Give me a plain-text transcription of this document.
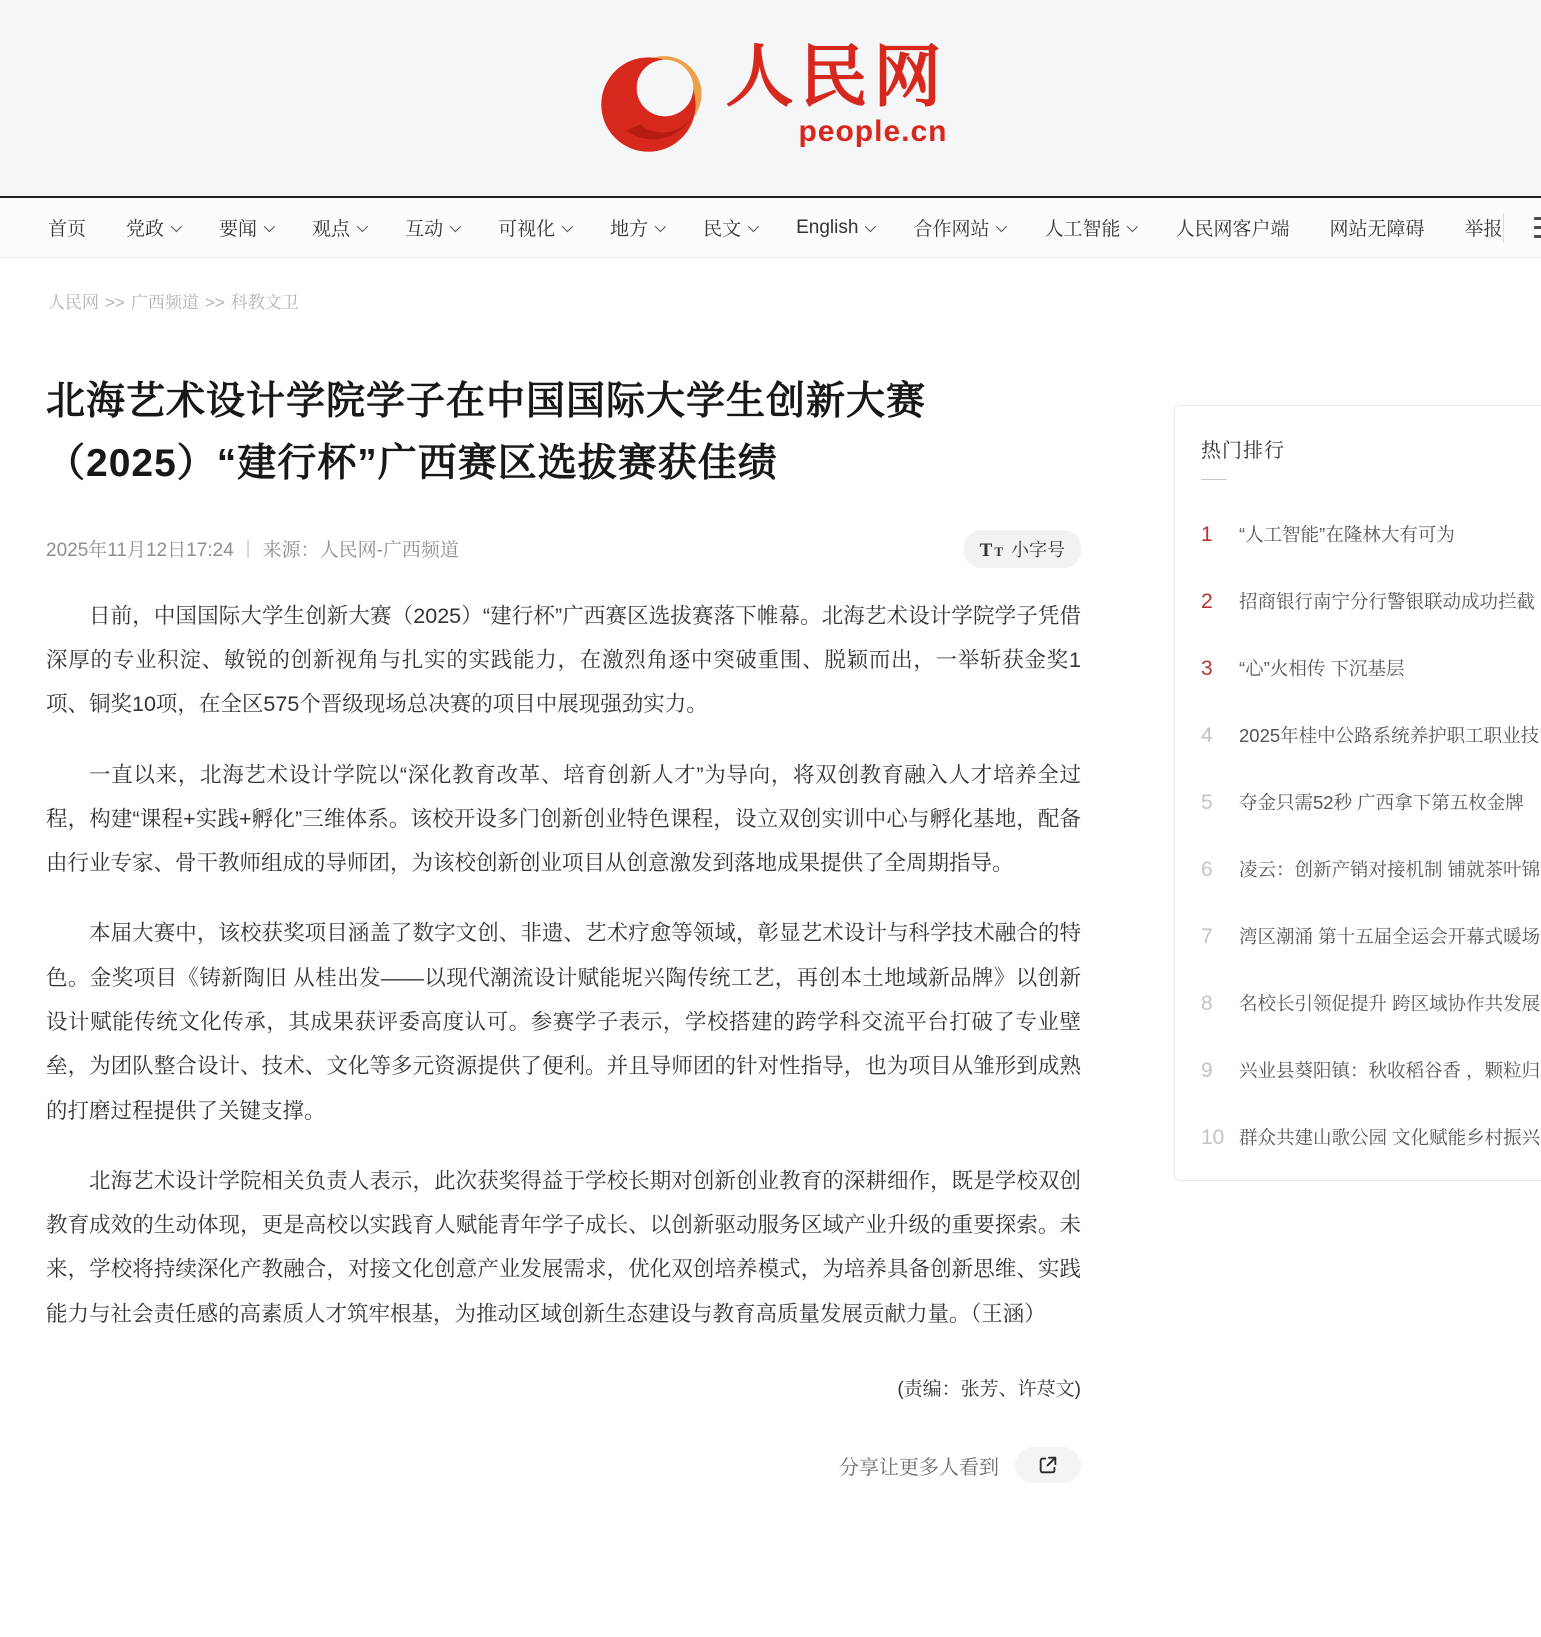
人民网
people.cn
首页 党政	要闻	观点	互动	可视化	地方	民文	English	合作网站	人工智能	人民网客户端 网站无障碍 举报
人民网 >> 广西频道 >> 科教文卫
北海艺术设计学院学子在中国国际大学生创新大赛（2025）“建行杯”广西赛区选拔赛获佳绩
2025年11月12日17:24 | 来源：人民网-广西频道	T T 小字号

日前，中国国际大学生创新大赛（2025）“建行杯”广西赛区选拔赛落下帷幕。北海艺术设计学院学子凭借深厚的专业积淀、敏锐的创新视角与扎实的实践能力，在激烈角逐中突破重围、脱颖而出，一举斩获金奖1项、铜奖10项，在全区575个晋级现场总决赛的项目中展现强劲实力。

一直以来，北海艺术设计学院以“深化教育改革、培育创新人才”为导向，将双创教育融入人才培养全过程，构建“课程+实践+孵化”三维体系。该校开设多门创新创业特色课程，设立双创实训中心与孵化基地，配备由行业专家、骨干教师组成的导师团，为该校创新创业项目从创意激发到落地成果提供了全周期指导。

本届大赛中，该校获奖项目涵盖了数字文创、非遗、艺术疗愈等领域，彰显艺术设计与科学技术融合的特色。金奖项目《铸新陶旧 从桂出发——以现代潮流设计赋能坭兴陶传统工艺，再创本土地域新品牌》以创新设计赋能传统文化传承，其成果获评委高度认可。参赛学子表示，学校搭建的跨学科交流平台打破了专业壁垒，为团队整合设计、技术、文化等多元资源提供了便利。并且导师团的针对性指导，也为项目从雏形到成熟的打磨过程提供了关键支撑。

北海艺术设计学院相关负责人表示，此次获奖得益于学校长期对创新创业教育的深耕细作，既是学校双创教育成效的生动体现，更是高校以实践育人赋能青年学子成长、以创新驱动服务区域产业升级的重要探索。未来，学校将持续深化产教融合，对接文化创意产业发展需求，优化双创培养模式，为培养具备创新思维、实践能力与社会责任感的高素质人才筑牢根基，为推动区域创新生态建设与教育高质量发展贡献力量。（王涵）

(责编：张芳、许荩文)
分享让更多人看到
热门排行
1	“人工智能”在隆林大有可为
2	招商银行南宁分行警银联动成功拦截
3	“心”火相传 下沉基层
4	2025年桂中公路系统养护职工职业技
5	夺金只需52秒 广西拿下第五枚金牌
6	凌云：创新产销对接机制 铺就茶叶锦
7	湾区潮涌 第十五届全运会开幕式暖场
8	名校长引领促提升 跨区域协作共发展
9	兴业县葵阳镇：秋收稻谷香 ，颗粒归
10 群众共建山歌公园 文化赋能乡村振兴
